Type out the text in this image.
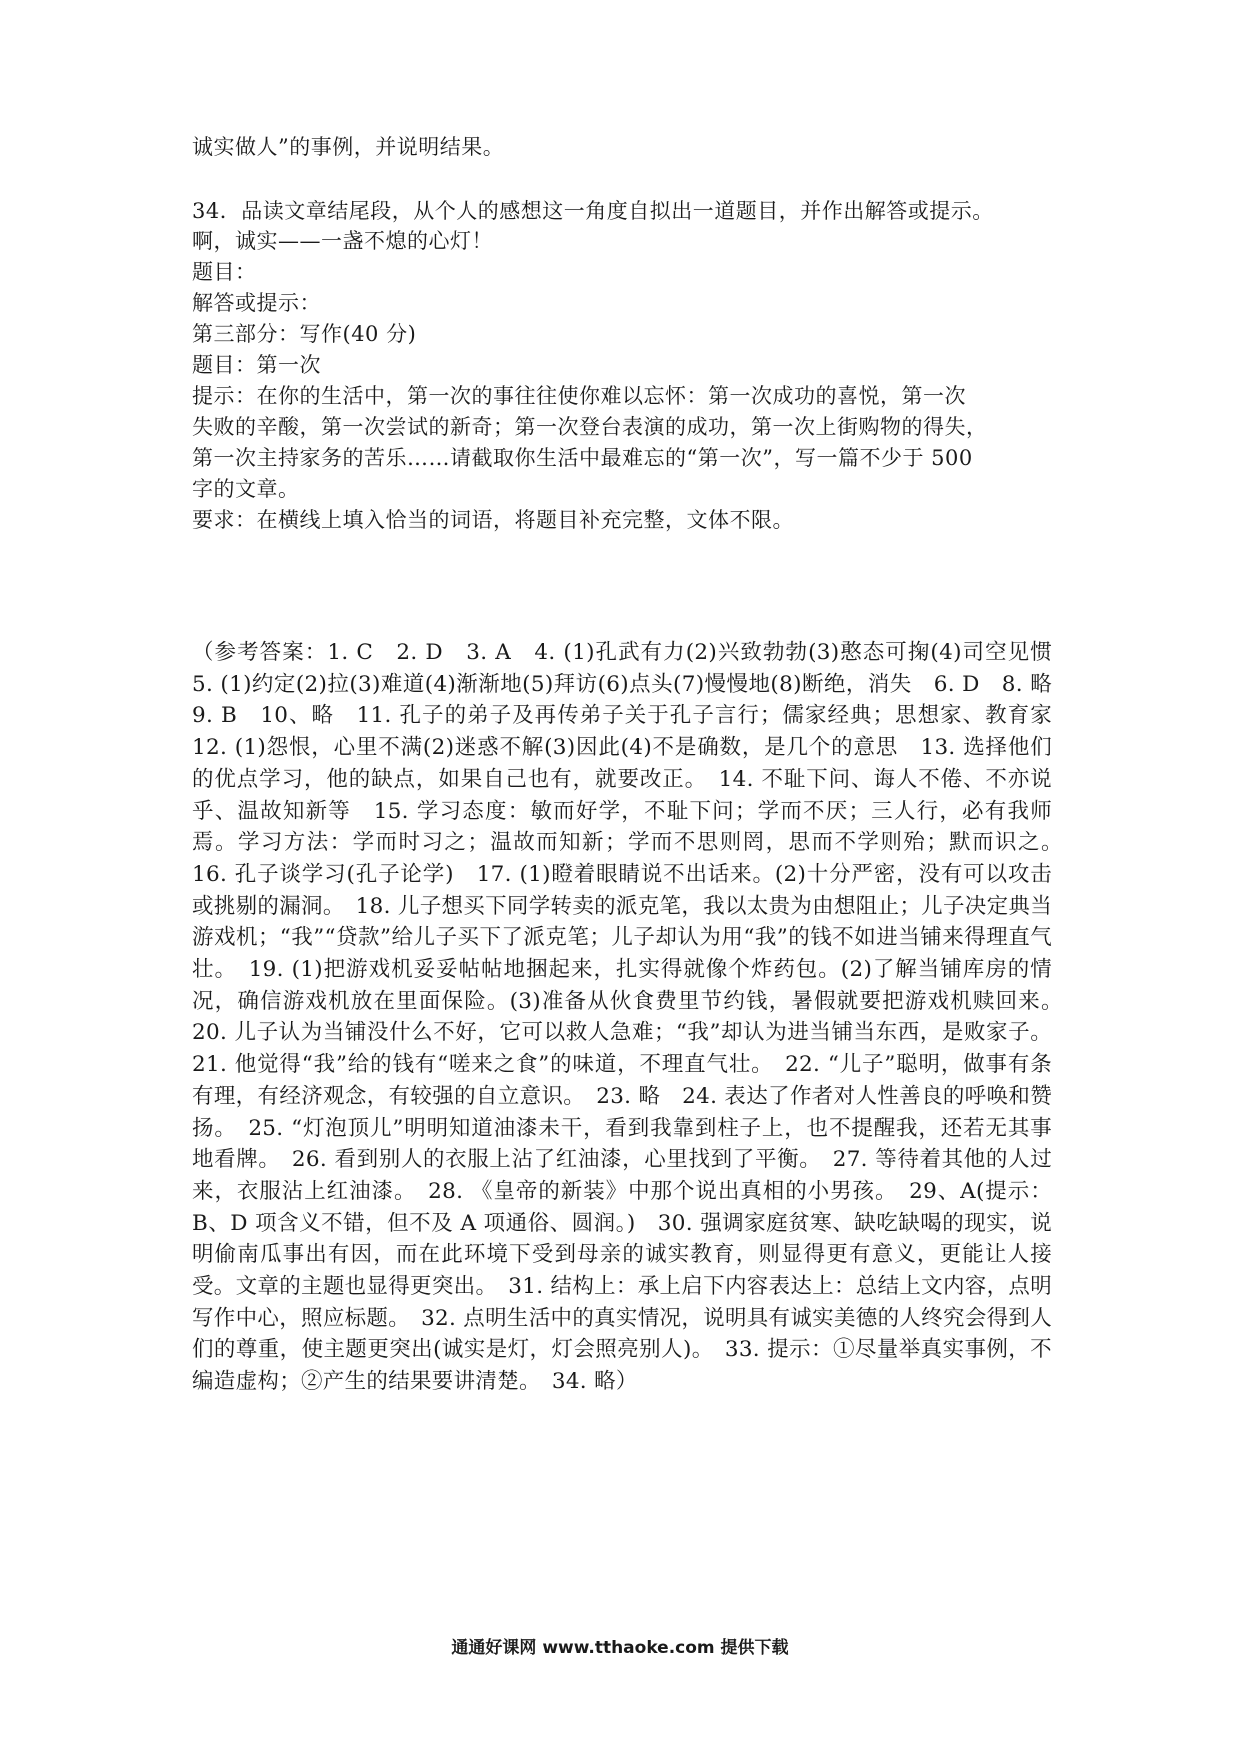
诚实做人”的事例，并说明结果。
34．品读文章结尾段，从个人的感想这一角度自拟出一道题目，并作出解答或提示。
啊，诚实——一盏不熄的心灯！
题目：
解答或提示：
第三部分：写作(40 分)
题目：第一次
提示：在你的生活中，第一次的事往往使你难以忘怀：第一次成功的喜悦，第一次
失败的辛酸，第一次尝试的新奇；第一次登台表演的成功，第一次上街购物的得失，
第一次主持家务的苦乐……请截取你生活中最难忘的“第一次”，写一篇不少于 500
字的文章。
要求：在横线上填入恰当的词语，将题目补充完整，文体不限。
（参考答案：1. C　2. D　3. A　4. (1)孔武有力(2)兴致勃勃(3)憨态可掬(4)司空见惯　5. (1)约定(2)拉(3)难道(4)渐渐地(5)拜访(6)点头(7)慢慢地(8)断绝，消失　6. D　8. 略　9. B　10、略　11. 孔子的弟子及再传弟子关于孔子言行；儒家经典；思想家、教育家　12. (1)怨恨，心里不满(2)迷惑不解(3)因此(4)不是确数，是几个的意思　13. 选择他们的优点学习，他的缺点，如果自己也有，就要改正。　14. 不耻下问、诲人不倦、不亦说乎、温故知新等　15. 学习态度：敏而好学，不耻下问；学而不厌；三人行，必有我师焉。学习方法：学而时习之；温故而知新；学而不思则罔，思而不学则殆；默而识之。　16. 孔子谈学习(孔子论学)　17. (1)瞪着眼睛说不出话来。(2)十分严密，没有可以攻击或挑剔的漏洞。　18. 儿子想买下同学转卖的派克笔，我以太贵为由想阻止；儿子决定典当游戏机；“我”“贷款”给儿子买下了派克笔；儿子却认为用“我”的钱不如进当铺来得理直气壮。　19. (1)把游戏机妥妥帖帖地捆起来，扎实得就像个炸药包。(2)了解当铺库房的情况，确信游戏机放在里面保险。(3)准备从伙食费里节约钱，暑假就要把游戏机赎回来。　20. 儿子认为当铺没什么不好，它可以救人急难；“我”却认为进当铺当东西，是败家子。21. 他觉得“我”给的钱有“嗟来之食”的味道，不理直气壮。　22. “儿子”聪明，做事有条有理，有经济观念，有较强的自立意识。　23. 略　24. 表达了作者对人性善良的呼唤和赞扬。　25. “灯泡顶儿”明明知道油漆未干，看到我靠到柱子上，也不提醒我，还若无其事地看牌。　26. 看到别人的衣服上沾了红油漆，心里找到了平衡。　27. 等待着其他的人过来，衣服沾上红油漆。　28. 《皇帝的新装》中那个说出真相的小男孩。　29、A(提示：B、D 项含义不错，但不及 A 项通俗、圆润。)　30. 强调家庭贫寒、缺吃缺喝的现实，说明偷南瓜事出有因，而在此环境下受到母亲的诚实教育，则显得更有意义，更能让人接受。文章的主题也显得更突出。　31. 结构上：承上启下内容表达上：总结上文内容，点明写作中心，照应标题。　32. 点明生活中的真实情况，说明具有诚实美德的人终究会得到人们的尊重，使主题更突出(诚实是灯，灯会照亮别人)。　33. 提示：①尽量举真实事例，不编造虚构；②产生的结果要讲清楚。　34. 略）
通通好课网 www.tthaoke.com 提供下载
